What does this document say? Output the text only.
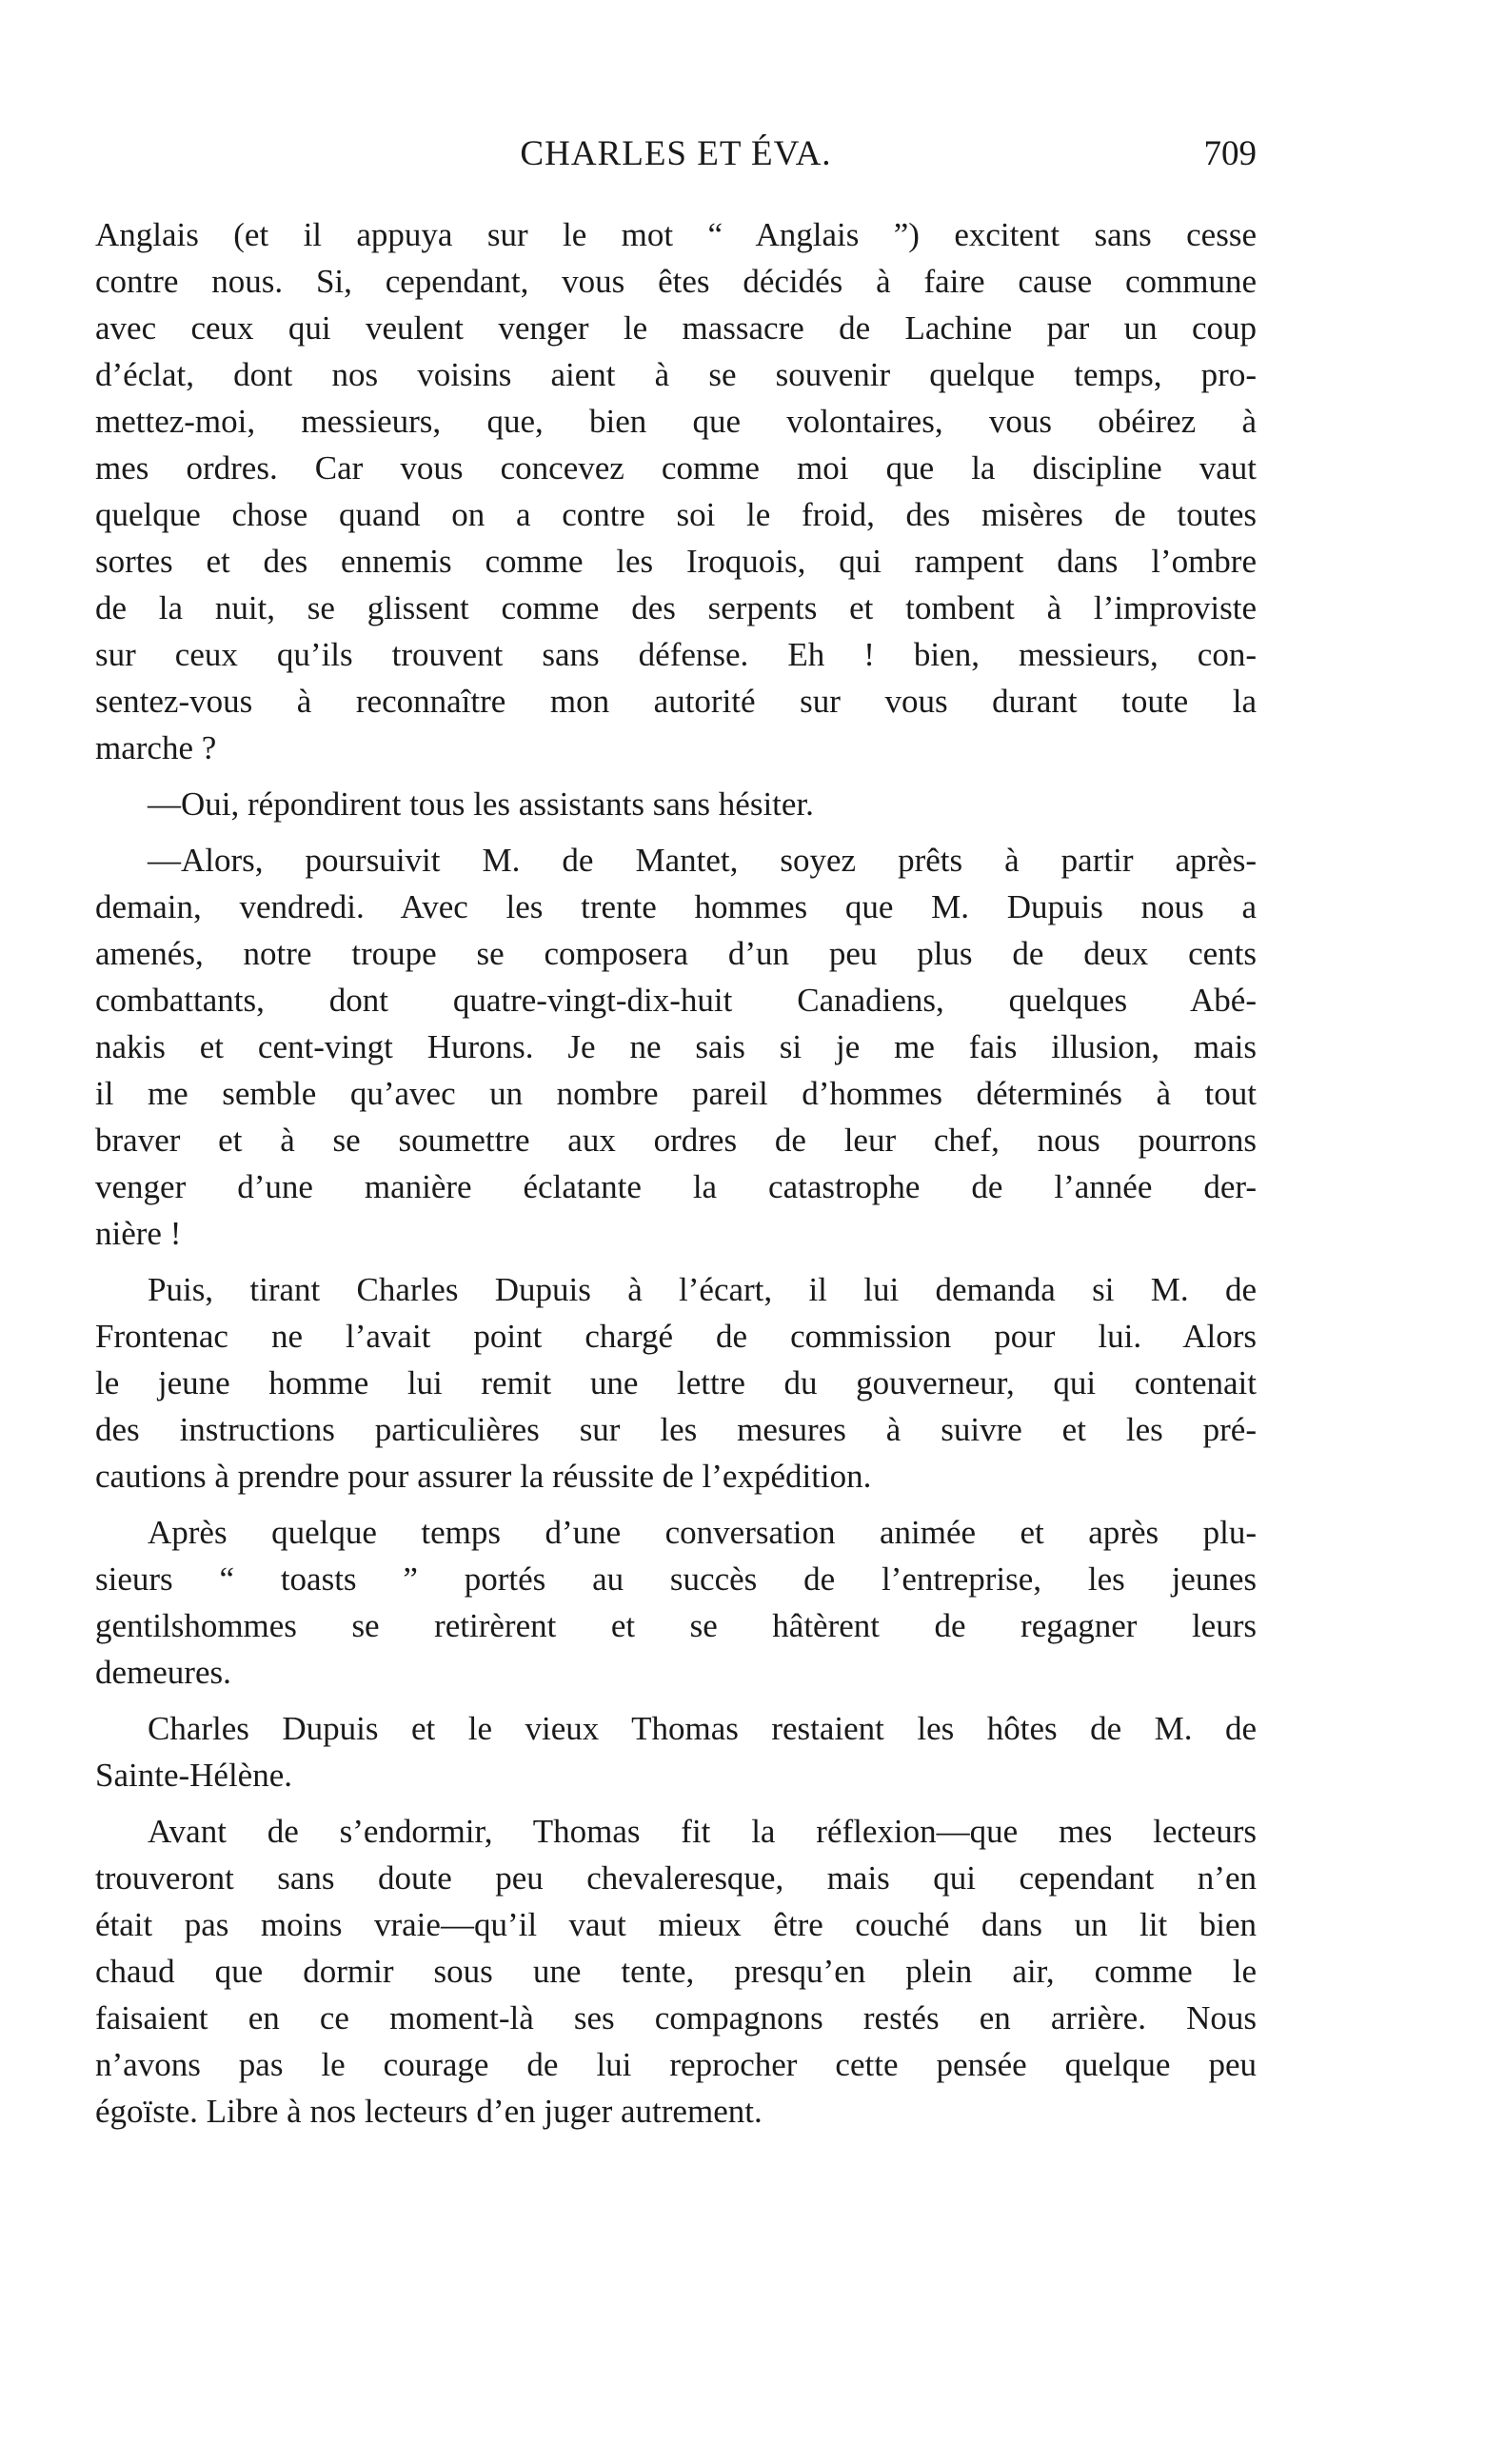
CHARLES ET ÉVA.	709
Anglais (et il appuya sur le mot “ Anglais ”) excitent sans cesse
contre nous. Si, cependant, vous êtes décidés à faire cause commune
avec ceux qui veulent venger le massacre de Lachine par un coup
d’éclat, dont nos voisins aient à se souvenir quelque temps, pro-
mettez-moi, messieurs, que, bien que volontaires, vous obéirez à
mes ordres. Car vous concevez comme moi que la discipline vaut
quelque chose quand on a contre soi le froid, des misères de toutes
sortes et des ennemis comme les Iroquois, qui rampent dans l’ombre
de la nuit, se glissent comme des serpents et tombent à l’improviste
sur ceux qu’ils trouvent sans défense. Eh ! bien, messieurs, con-
sentez-vous à reconnaître mon autorité sur vous durant toute la
marche ?
—Oui, répondirent tous les assistants sans hésiter.
—Alors, poursuivit M. de Mantet, soyez prêts à partir après-
demain, vendredi. Avec les trente hommes que M. Dupuis nous a
amenés, notre troupe se composera d’un peu plus de deux cents
combattants, dont quatre-vingt-dix-huit Canadiens, quelques Abé-
nakis et cent-vingt Hurons. Je ne sais si je me fais illusion, mais
il me semble qu’avec un nombre pareil d’hommes déterminés à tout
braver et à se soumettre aux ordres de leur chef, nous pourrons
venger d’une manière éclatante la catastrophe de l’année der-
nière !
Puis, tirant Charles Dupuis à l’écart, il lui demanda si M. de
Frontenac ne l’avait point chargé de commission pour lui. Alors
le jeune homme lui remit une lettre du gouverneur, qui contenait
des instructions particulières sur les mesures à suivre et les pré-
cautions à prendre pour assurer la réussite de l’expédition.
Après quelque temps d’une conversation animée et après plu-
sieurs “ toasts ” portés au succès de l’entreprise, les jeunes
gentilshommes se retirèrent et se hâtèrent de regagner leurs
demeures.
Charles Dupuis et le vieux Thomas restaient les hôtes de M. de
Sainte-Hélène.
Avant de s’endormir, Thomas fit la réflexion—que mes lecteurs
trouveront sans doute peu chevaleresque, mais qui cependant n’en
était pas moins vraie—qu’il vaut mieux être couché dans un lit bien
chaud que dormir sous une tente, presqu’en plein air, comme le
faisaient en ce moment-là ses compagnons restés en arrière. Nous
n’avons pas le courage de lui reprocher cette pensée quelque peu
égoïste. Libre à nos lecteurs d’en juger autrement.
